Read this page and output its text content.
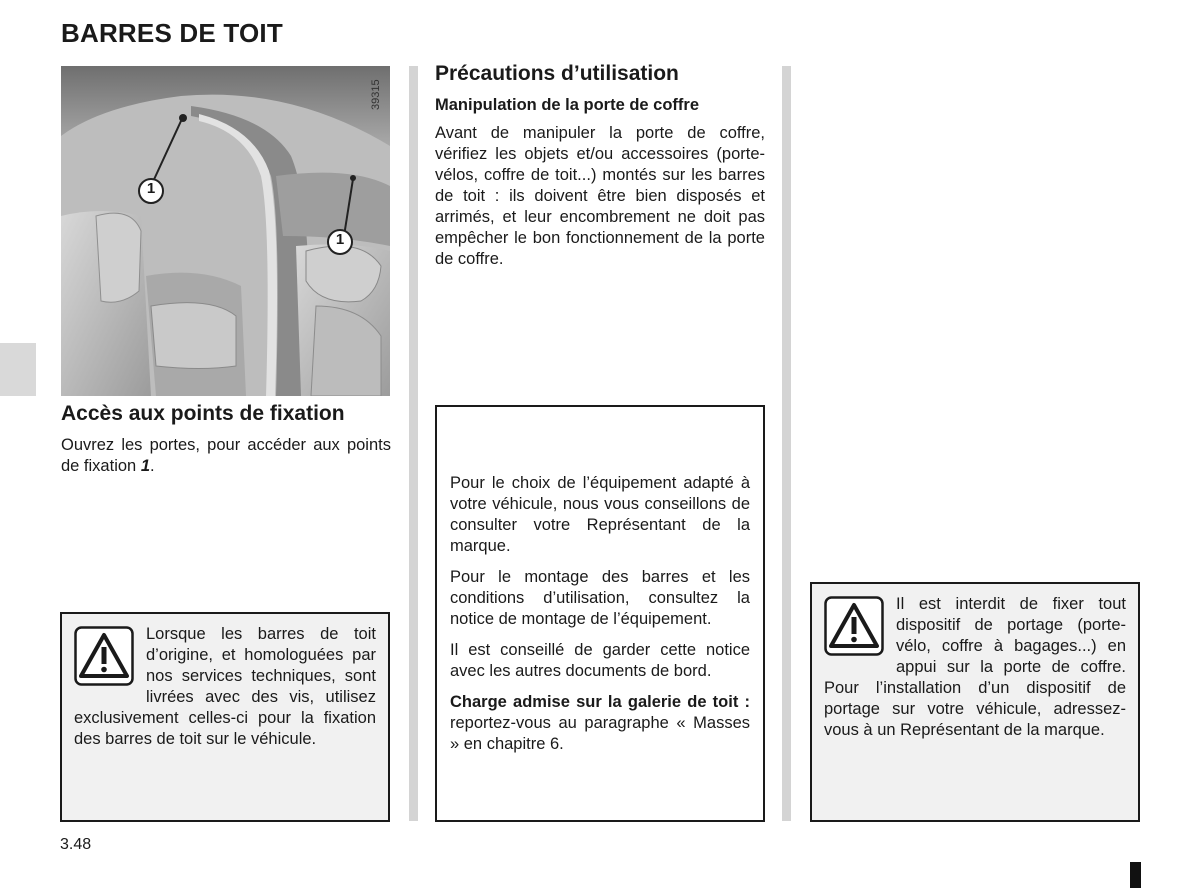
BARRES DE TOIT
1
1
39315
Accès aux points de fixation
Ouvrez les portes, pour accéder aux points de fixation 1.
Lorsque les barres de toit d’origine, et homologuées par nos services techniques, sont livrées avec des vis, utilisez exclusivement celles-ci pour la fixation des barres de toit sur le véhicule.
Précautions d’utilisation
Manipulation de la porte de coffre
Avant de manipuler la porte de coffre, vérifiez les objets et/ou accessoires (porte-vélos, coffre de toit...) montés sur les barres de toit : ils doivent être bien disposés et arrimés, et leur encombrement ne doit pas empêcher le bon fonctionnement de la porte de coffre.
Pour le choix de l’équipement adapté à votre véhicule, nous vous conseillons de consulter votre Représentant de la marque.
Pour le montage des barres et les conditions d’utilisation, consultez la notice de montage de l’équipement.
Il est conseillé de garder cette notice avec les autres documents de bord.
Charge admise sur la galerie de toit : reportez-vous au paragraphe « Masses » en chapitre 6.
Il est interdit de fixer tout dispositif de portage (porte-vélo, coffre à bagages...) en appui sur la porte de coffre. Pour l’installation d’un dispositif de portage sur votre véhicule, adressez-vous à un Représentant de la marque.
3.48
